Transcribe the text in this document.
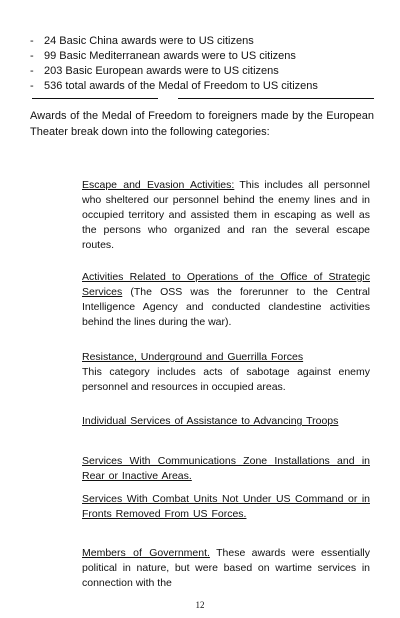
- 24 Basic China awards were to US citizens
- 99 Basic Mediterranean awards were to US citizens
- 203 Basic European awards were to US citizens
- 536 total awards of the Medal of Freedom to US citizens
Awards of the Medal of Freedom to foreigners made by the European Theater break down into the following categories:
Escape and Evasion Activities: This includes all personnel who sheltered our personnel behind the enemy lines and in occupied territory and assisted them in escaping as well as the persons who organized and ran the several escape routes.
Activities Related to Operations of the Office of Strategic Services (The OSS was the forerunner to the Central Intelligence Agency and conducted clandestine activities behind the lines during the war).
Resistance, Underground and Guerrilla Forces
This category includes acts of sabotage against enemy personnel and resources in occupied areas.
Individual Services of Assistance to Advancing Troops
Services With Communications Zone Installations and in Rear or Inactive Areas.
Services With Combat Units Not Under US Command or in Fronts Removed From US Forces.
Members of Government. These awards were essentially political in nature, but were based on wartime services in connection with the
12
